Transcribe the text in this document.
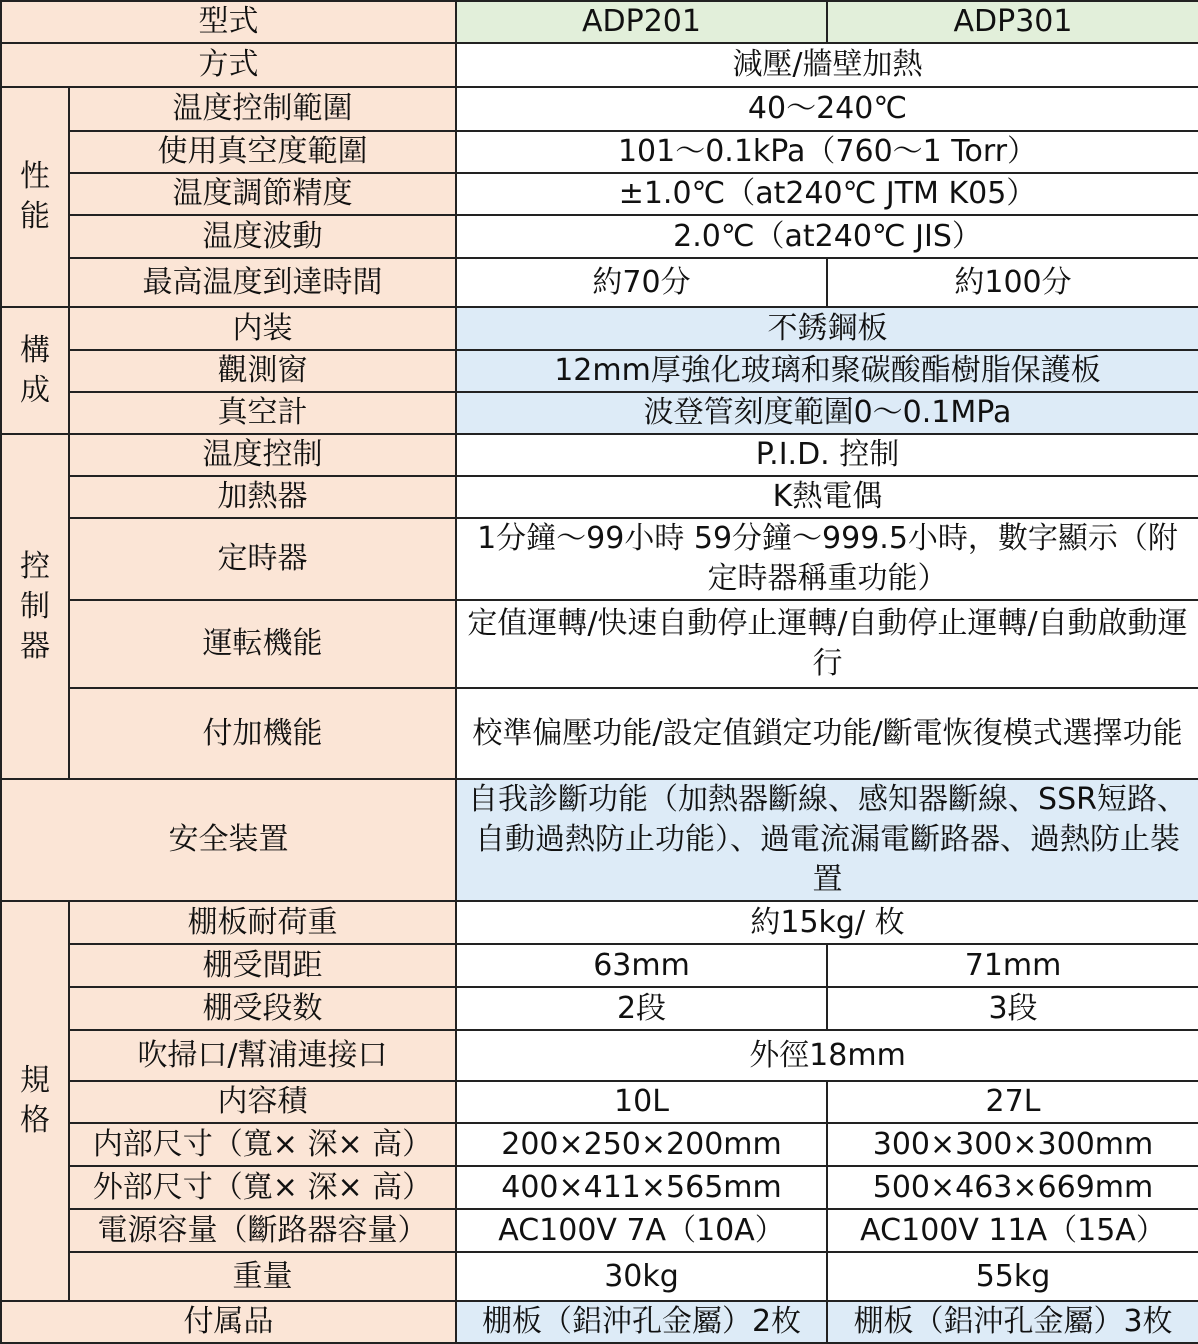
型式		ADP201	ADP301
方式		減壓/牆壁加熱	

性
能	温度控制範圍	40～240℃	
	使用真空度範圍	101～0.1kPa（760～1 Torr）	
	温度調節精度	±1.0℃（at240℃ JTM K05）	
	温度波動	2.0℃（at240℃ JIS）	
	最高温度到達時間	約70分	約100分

構
成	内装	不銹鋼板	
	觀測窗	12mm厚強化玻璃和聚碳酸酯樹脂保護板	
	真空計	波登管刻度範圍0～0.1MPa	

控
制
器	温度控制	P.I.D. 控制	
	加熱器	K熱電偶	
	定時器	1分鐘～99小時 59分鐘～999.5小時，數字顯示（附定時器稱重功能）	
	運転機能	定值運轉/快速自動停止運轉/自動停止運轉/自動啟動運行	
	付加機能	校準偏壓功能/設定值鎖定功能/斷電恢復模式選擇功能	
安全装置		自我診斷功能（加熱器斷線、感知器斷線、SSR短路、自動過熱防止功能）、過電流漏電斷路器、過熱防止裝置	

規
格	棚板耐荷重	約15kg/ 枚	
	棚受間距	63mm	71mm
	棚受段数	2段	3段
	吹掃口/幫浦連接口	外徑18mm	
	内容積	10L	27L
	内部尺寸（寬× 深× 高）	200×250×200mm	300×300×300mm
	外部尺寸（寬× 深× 高）	400×411×565mm	500×463×669mm
	電源容量（斷路器容量）	AC100V 7A（10A）	AC100V 11A（15A）
	重量	30kg	55kg
付属品		棚板（鋁沖孔金屬）2枚	棚板（鋁沖孔金屬）3枚
